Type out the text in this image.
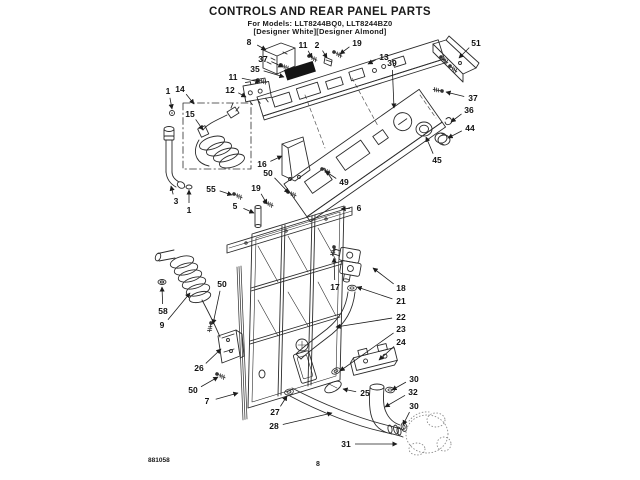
CONTROLS AND REAR PANEL PARTS
For Models: LLT8244BQ0, LLT8244BZ0
[Designer White][Designer Almond]
8	11 2	19
13
39
37
35
11
12
1 14
15
51
37
36
44
45
16
50
49
55	19
5
3
1	6
17	18
21
22
23
24
58
9
50
26
50
7
27
28
25
30
32
30
31
881058
8
